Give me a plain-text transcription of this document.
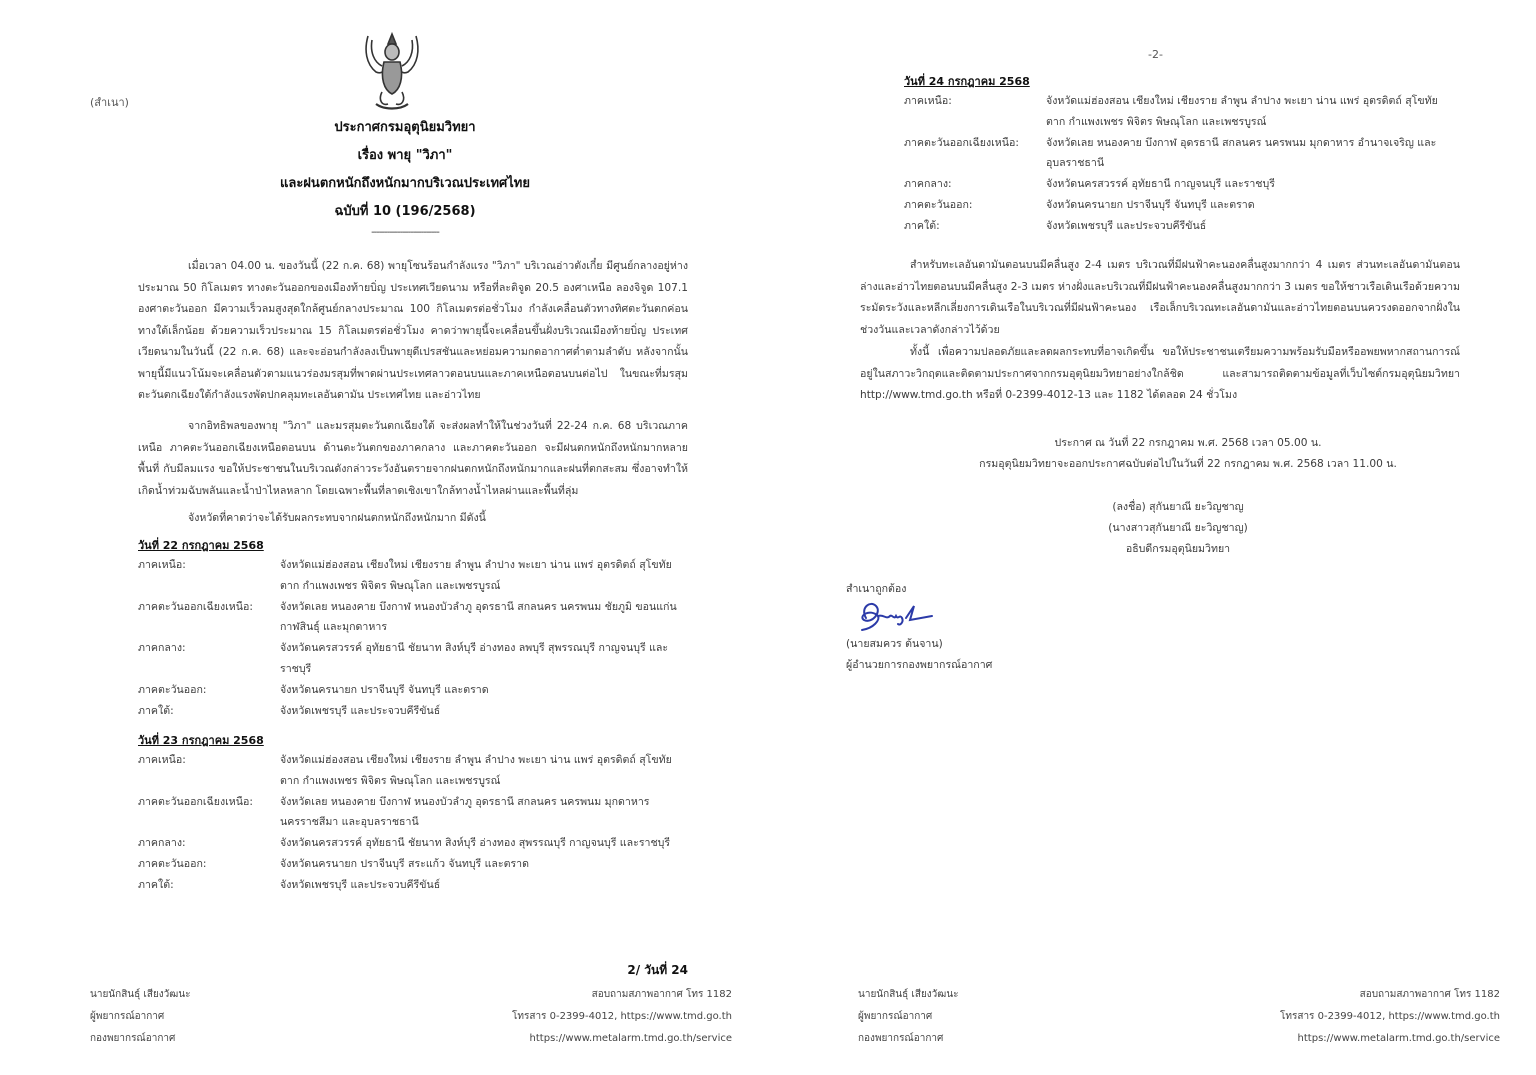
(สำเนา)
ประกาศกรมอุตุนิยมวิทยา
เรื่อง พายุ "วิภา"
และฝนตกหนักถึงหนักมากบริเวณประเทศไทย
ฉบับที่ 10 (196/2568)
--------------------------

เมื่อเวลา 04.00 น. ของวันนี้ (22 ก.ค. 68) พายุโซนร้อนกำลังแรง "วิภา" บริเวณอ่าวตังเกี๋ย มีศูนย์กลางอยู่ห่างประมาณ 50 กิโลเมตร ทางตะวันออกของเมืองท้ายบิ่ญ ประเทศเวียดนาม หรือที่ละติจูด 20.5 องศาเหนือ ลองจิจูด 107.1 องศาตะวันออก มีความเร็วลมสูงสุดใกล้ศูนย์กลางประมาณ 100 กิโลเมตรต่อชั่วโมง กำลังเคลื่อนตัวทางทิศตะวันตกค่อนทางใต้เล็กน้อย ด้วยความเร็วประมาณ 15 กิโลเมตรต่อชั่วโมง คาดว่าพายุนี้จะเคลื่อนขึ้นฝั่งบริเวณเมืองท้ายบิ่ญ ประเทศเวียดนามในวันนี้ (22 ก.ค. 68) และจะอ่อนกำลังลงเป็นพายุดีเปรสชันและหย่อมความกดอากาศต่ำตามลำดับ หลังจากนั้นพายุนี้มีแนวโน้มจะเคลื่อนตัวตามแนวร่องมรสุมที่พาดผ่านประเทศลาวตอนบนและภาคเหนือตอนบนต่อไป ในขณะที่มรสุมตะวันตกเฉียงใต้กำลังแรงพัดปกคลุมทะเลอันดามัน ประเทศไทย และอ่าวไทย

จากอิทธิพลของพายุ "วิภา" และมรสุมตะวันตกเฉียงใต้ จะส่งผลทำให้ในช่วงวันที่ 22-24 ก.ค. 68 บริเวณภาคเหนือ ภาคตะวันออกเฉียงเหนือตอนบน ด้านตะวันตกของภาคกลาง และภาคตะวันออก จะมีฝนตกหนักถึงหนักมากหลายพื้นที่ กับมีลมแรง ขอให้ประชาชนในบริเวณดังกล่าวระวังอันตรายจากฝนตกหนักถึงหนักมากและฝนที่ตกสะสม ซึ่งอาจทำให้เกิดน้ำท่วมฉับพลันและน้ำป่าไหลหลาก โดยเฉพาะพื้นที่ลาดเชิงเขาใกล้ทางน้ำไหลผ่านและพื้นที่ลุ่ม

จังหวัดที่คาดว่าจะได้รับผลกระทบจากฝนตกหนักถึงหนักมาก มีดังนี้

วันที่ 22 กรกฎาคม 2568
ภาคเหนือ:	จังหวัดแม่ฮ่องสอน เชียงใหม่ เชียงราย ลำพูน ลำปาง พะเยา น่าน แพร่ อุตรดิตถ์ สุโขทัย ตาก กำแพงเพชร พิจิตร พิษณุโลก และเพชรบูรณ์
ภาคตะวันออกเฉียงเหนือ:	จังหวัดเลย หนองคาย บึงกาฬ หนองบัวลำภู อุดรธานี สกลนคร นครพนม ชัยภูมิ ขอนแก่น กาฬสินธุ์ และมุกดาหาร
ภาคกลาง:	จังหวัดนครสวรรค์ อุทัยธานี ชัยนาท สิงห์บุรี อ่างทอง ลพบุรี สุพรรณบุรี กาญจนบุรี และราชบุรี
ภาคตะวันออก:	จังหวัดนครนายก ปราจีนบุรี จันทบุรี และตราด
ภาคใต้:	จังหวัดเพชรบุรี และประจวบคีรีขันธ์
วันที่ 23 กรกฎาคม 2568
ภาคเหนือ:	จังหวัดแม่ฮ่องสอน เชียงใหม่ เชียงราย ลำพูน ลำปาง พะเยา น่าน แพร่ อุตรดิตถ์ สุโขทัย ตาก กำแพงเพชร พิจิตร พิษณุโลก และเพชรบูรณ์
ภาคตะวันออกเฉียงเหนือ:	จังหวัดเลย หนองคาย บึงกาฬ หนองบัวลำภู อุดรธานี สกลนคร นครพนม มุกดาหาร นครราชสีมา และอุบลราชธานี
ภาคกลาง:	จังหวัดนครสวรรค์ อุทัยธานี ชัยนาท สิงห์บุรี อ่างทอง สุพรรณบุรี กาญจนบุรี และราชบุรี
ภาคตะวันออก:	จังหวัดนครนายก ปราจีนบุรี สระแก้ว จันทบุรี และตราด
ภาคใต้:	จังหวัดเพชรบุรี และประจวบคีรีขันธ์
2/ วันที่ 24
นายนักสินธุ์ เสียงวัฒนะ
ผู้พยากรณ์อากาศ
กองพยากรณ์อากาศ
สอบถามสภาพอากาศ โทร 1182
โทรสาร 0-2399-4012, https://www.tmd.go.th
https://www.metalarm.tmd.go.th/service
-2-
วันที่ 24 กรกฎาคม 2568
ภาคเหนือ:	จังหวัดแม่ฮ่องสอน เชียงใหม่ เชียงราย ลำพูน ลำปาง พะเยา น่าน แพร่ อุตรดิตถ์ สุโขทัย ตาก กำแพงเพชร พิจิตร พิษณุโลก และเพชรบูรณ์
ภาคตะวันออกเฉียงเหนือ:	จังหวัดเลย หนองคาย บึงกาฬ อุดรธานี สกลนคร นครพนม มุกดาหาร อำนาจเจริญ และอุบลราชธานี
ภาคกลาง:	จังหวัดนครสวรรค์ อุทัยธานี กาญจนบุรี และราชบุรี
ภาคตะวันออก:	จังหวัดนครนายก ปราจีนบุรี จันทบุรี และตราด
ภาคใต้:	จังหวัดเพชรบุรี และประจวบคีรีขันธ์

สำหรับทะเลอันดามันตอนบนมีคลื่นสูง 2-4 เมตร บริเวณที่มีฝนฟ้าคะนองคลื่นสูงมากกว่า 4 เมตร ส่วนทะเลอันดามันตอนล่างและอ่าวไทยตอนบนมีคลื่นสูง 2-3 เมตร ห่างฝั่งและบริเวณที่มีฝนฟ้าคะนองคลื่นสูงมากกว่า 3 เมตร ขอให้ชาวเรือเดินเรือด้วยความระมัดระวังและหลีกเลี่ยงการเดินเรือในบริเวณที่มีฝนฟ้าคะนอง เรือเล็กบริเวณทะเลอันดามันและอ่าวไทยตอนบนควรงดออกจากฝั่งในช่วงวันและเวลาดังกล่าวไว้ด้วย

ทั้งนี้ เพื่อความปลอดภัยและลดผลกระทบที่อาจเกิดขึ้น ขอให้ประชาชนเตรียมความพร้อมรับมือหรืออพยพหากสถานการณ์อยู่ในสภาวะวิกฤตและติดตามประกาศจากกรมอุตุนิยมวิทยาอย่างใกล้ชิด และสามารถติดตามข้อมูลที่เว็บไซต์กรมอุตุนิยมวิทยา http://www.tmd.go.th หรือที่ 0-2399-4012-13 และ 1182 ได้ตลอด 24 ชั่วโมง

ประกาศ ณ วันที่ 22 กรกฎาคม พ.ศ. 2568 เวลา 05.00 น.
กรมอุตุนิยมวิทยาจะออกประกาศฉบับต่อไปในวันที่ 22 กรกฎาคม พ.ศ. 2568 เวลา 11.00 น.
(ลงชื่อ) สุกันยาณี ยะวิญชาญ
(นางสาวสุกันยาณี ยะวิญชาญ)
อธิบดีกรมอุตุนิยมวิทยา
สำเนาถูกต้อง
(นายสมควร ต้นจาน)
ผู้อำนวยการกองพยากรณ์อากาศ
นายนักสินธุ์ เสียงวัฒนะ
ผู้พยากรณ์อากาศ
กองพยากรณ์อากาศ
สอบถามสภาพอากาศ โทร 1182
โทรสาร 0-2399-4012, https://www.tmd.go.th
https://www.metalarm.tmd.go.th/service
